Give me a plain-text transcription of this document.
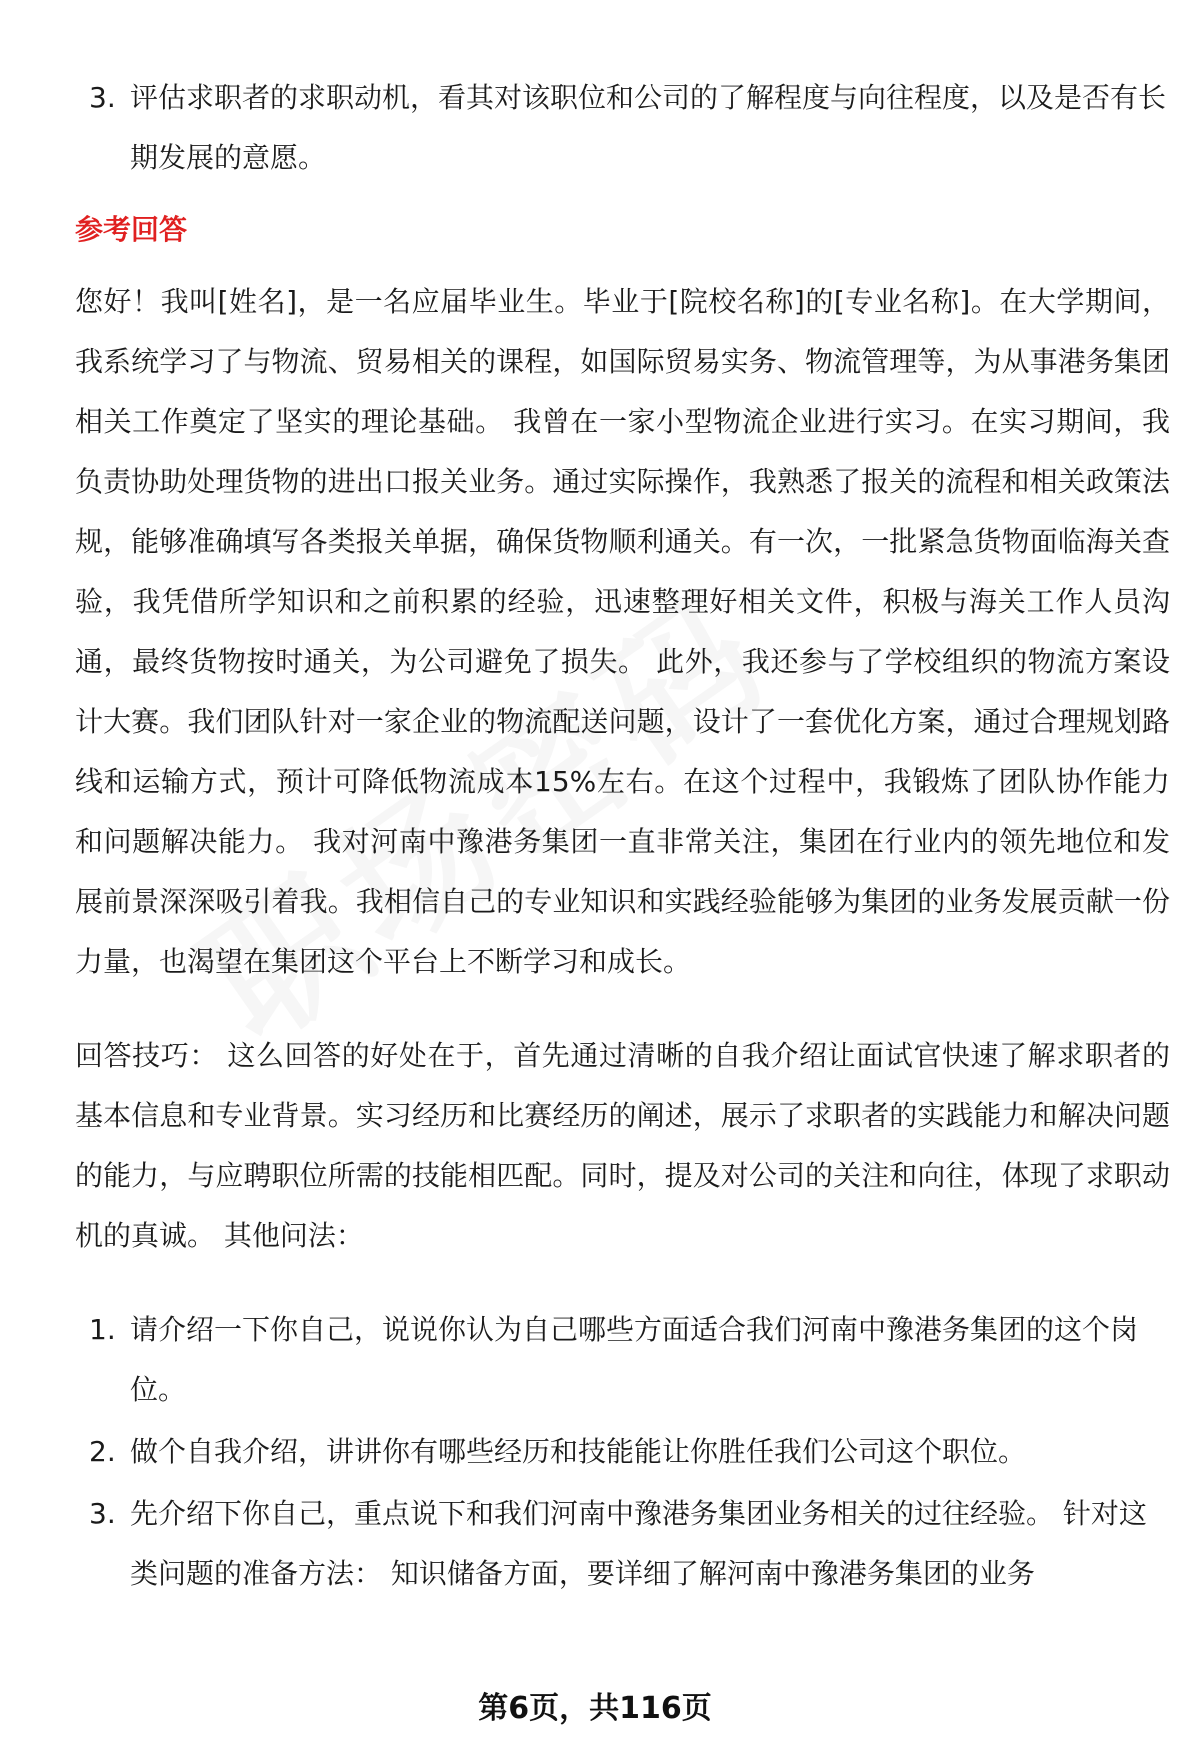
3. 评估求职者的求职动机，看其对该职位和公司的了解程度与向往程度，以及是否有长期发展的意愿。
参考回答

您好！我叫[姓名]，是一名应届毕业生。毕业于[院校名称]的[专业名称]。在大学期间，我系统学习了与物流、贸易相关的课程，如国际贸易实务、物流管理等，为从事港务集团相关工作奠定了坚实的理论基础。 我曾在一家小型物流企业进行实习。在实习期间，我负责协助处理货物的进出口报关业务。通过实际操作，我熟悉了报关的流程和相关政策法规，能够准确填写各类报关单据，确保货物顺利通关。有一次，一批紧急货物面临海关查验，我凭借所学知识和之前积累的经验，迅速整理好相关文件，积极与海关工作人员沟通，最终货物按时通关，为公司避免了损失。 此外，我还参与了学校组织的物流方案设计大赛。我们团队针对一家企业的物流配送问题，设计了一套优化方案，通过合理规划路线和运输方式，预计可降低物流成本15%左右。在这个过程中，我锻炼了团队协作能力和问题解决能力。 我对河南中豫港务集团一直非常关注，集团在行业内的领先地位和发展前景深深吸引着我。我相信自己的专业知识和实践经验能够为集团的业务发展贡献一份力量，也渴望在集团这个平台上不断学习和成长。

回答技巧： 这么回答的好处在于，首先通过清晰的自我介绍让面试官快速了解求职者的基本信息和专业背景。实习经历和比赛经历的阐述，展示了求职者的实践能力和解决问题的能力，与应聘职位所需的技能相匹配。同时，提及对公司的关注和向往，体现了求职动机的真诚。 其他问法：

1. 请介绍一下你自己，说说你认为自己哪些方面适合我们河南中豫港务集团的这个岗位。
2. 做个自我介绍，讲讲你有哪些经历和技能能让你胜任我们公司这个职位。
3. 先介绍下你自己，重点说下和我们河南中豫港务集团业务相关的过往经验。 针对这类问题的准备方法： 知识储备方面，要详细了解河南中豫港务集团的业务
第6页，共116页
